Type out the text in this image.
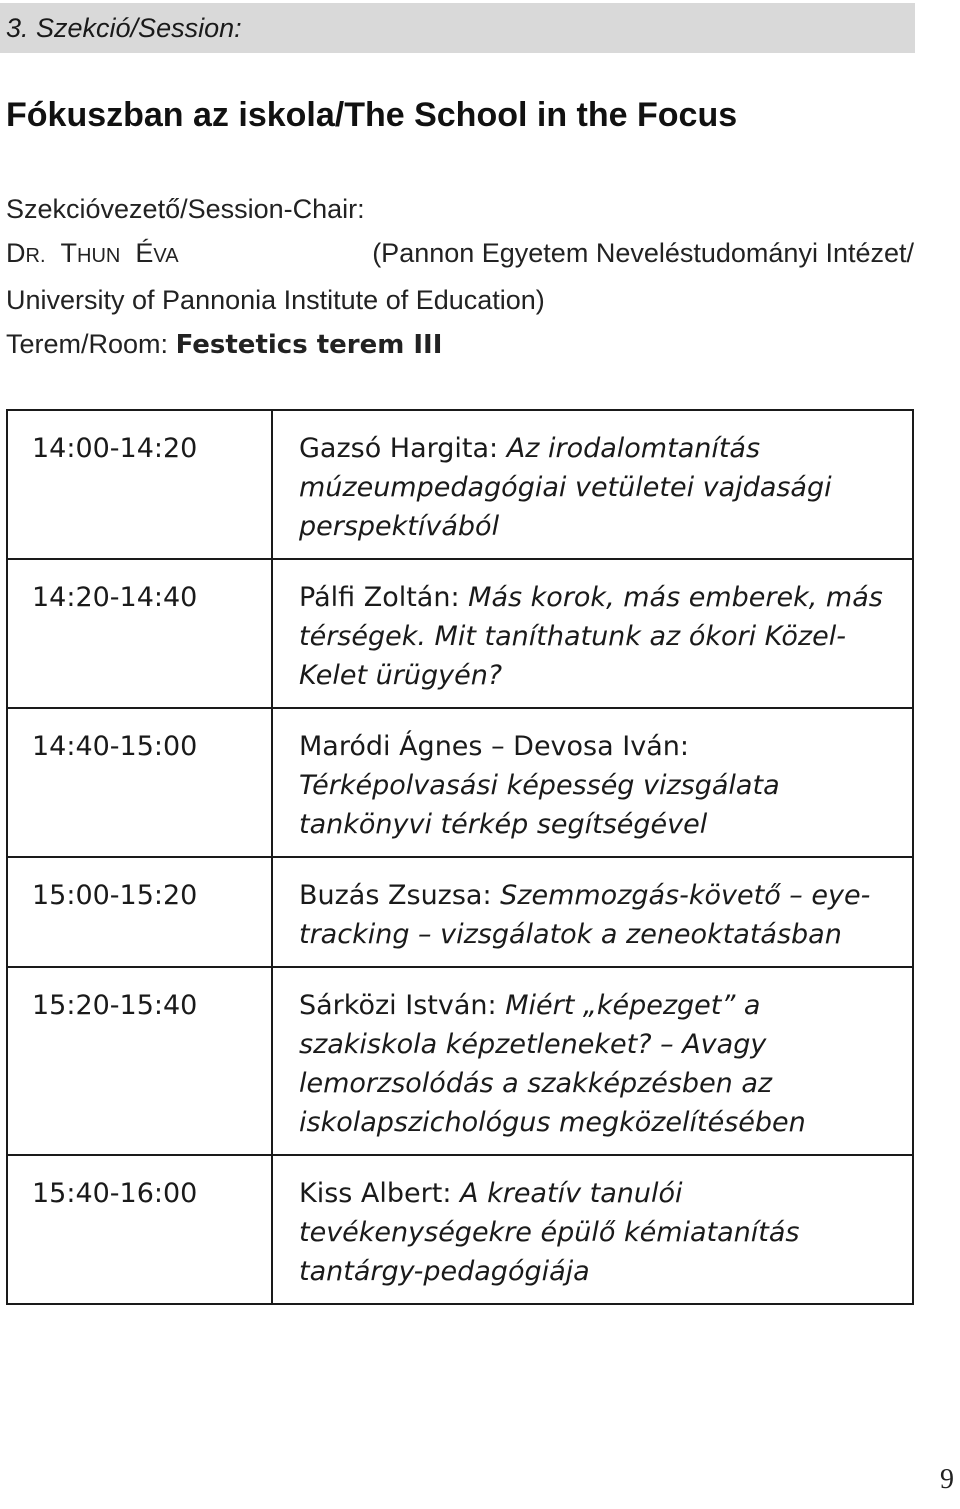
3. Szekció/Session:
Fókuszban az iskola/The School in the Focus
Szekcióvezető/Session-Chair:
DR. THUN ÉVA	(Pannon Egyetem Neveléstudományi Intézet/
University of Pannonia Institute of Education)
Terem/Room: Festetics terem III
14:00-14:20	Gazsó Hargita: Az irodalomtanítás múzeumpedagógiai vetületei vajdasági perspektívából
14:20-14:40	Pálfi Zoltán: Más korok, más emberek, más térségek. Mit taníthatunk az ókori Közel-Kelet ürügyén?
14:40-15:00	Maródi Ágnes – Devosa Iván: Térképolvasási képesség vizsgálata tankönyvi térkép segítségével
15:00-15:20	Buzás Zsuzsa: Szemmozgás-követő – eye-tracking – vizsgálatok a zeneoktatásban
15:20-15:40	Sárközi István: Miért „képezget” a szakiskola képzetleneket? – Avagy lemorzsolódás a szakképzésben az iskolapszichológus megközelítésében
15:40-16:00	Kiss Albert: A kreatív tanulói tevékenységekre épülő kémiatanítás tantárgy-pedagógiája
9
